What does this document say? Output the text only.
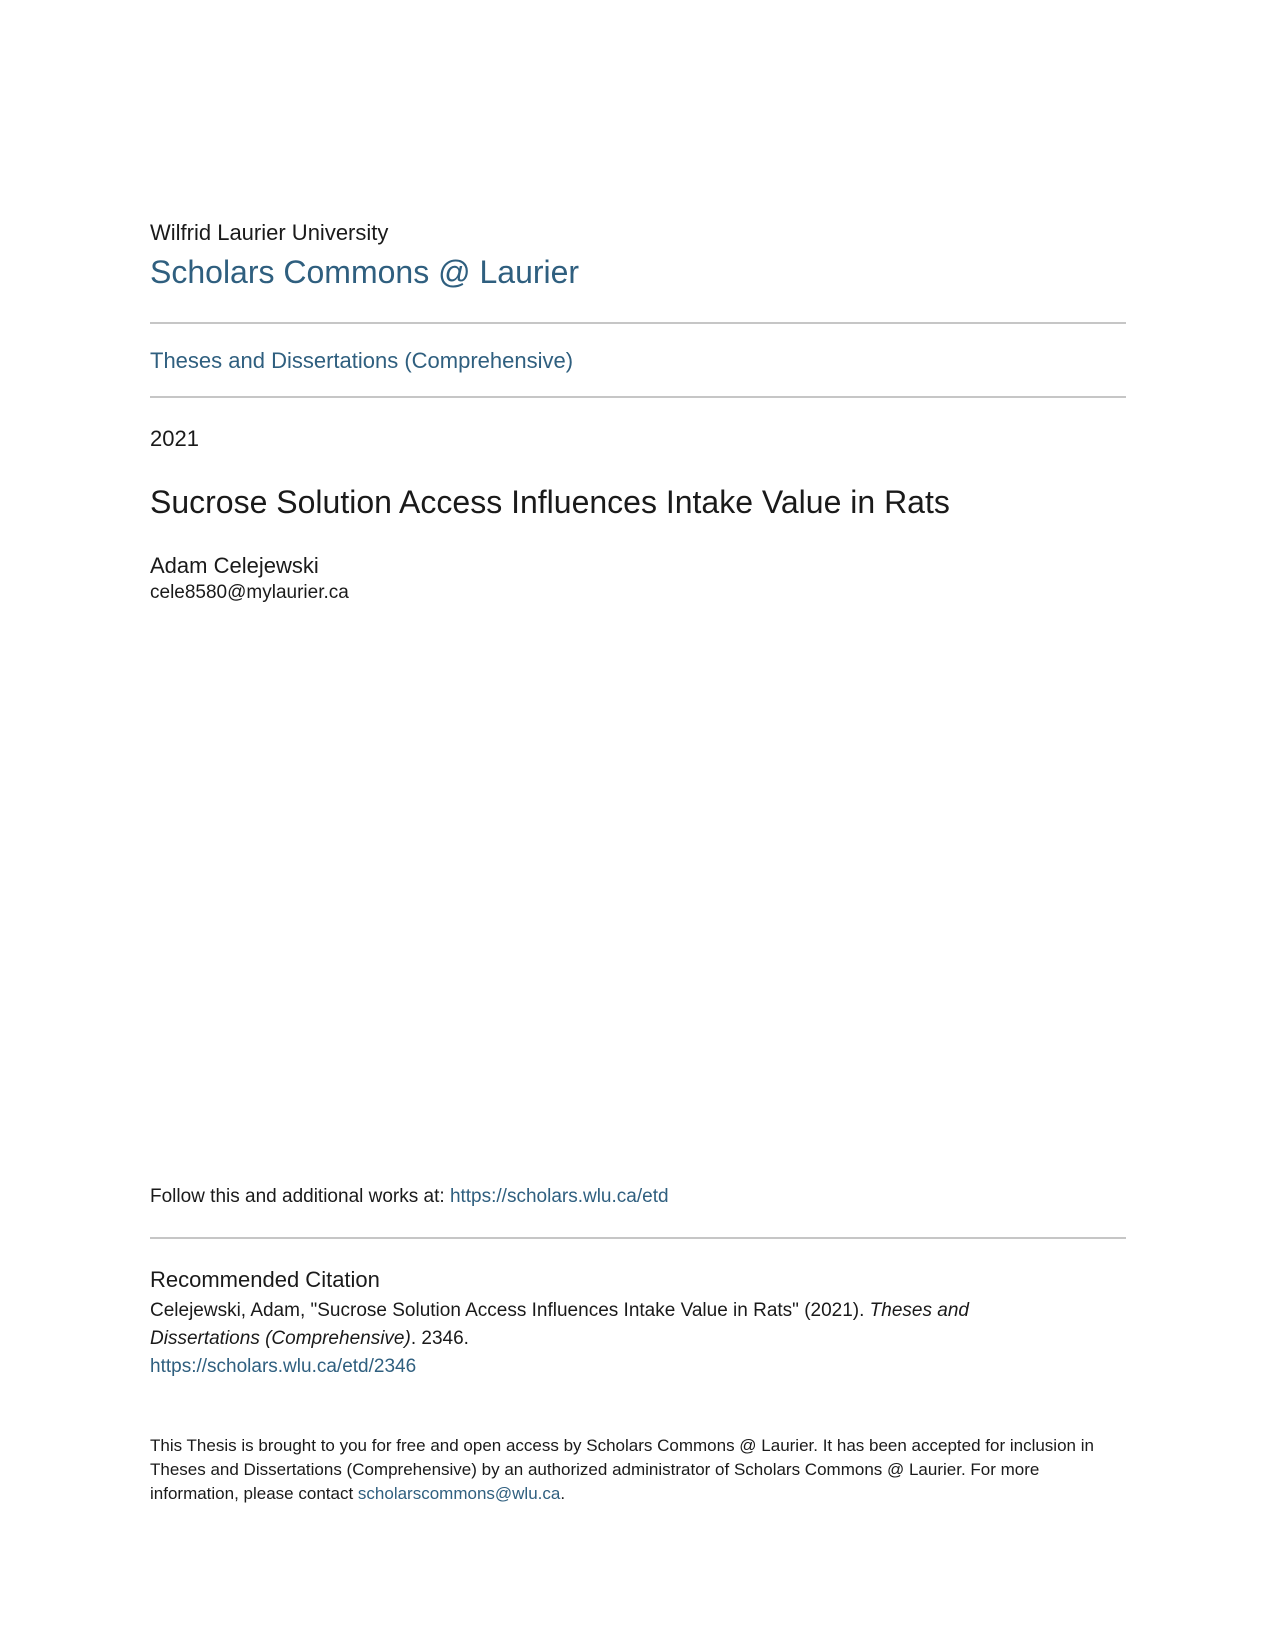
Wilfrid Laurier University
Scholars Commons @ Laurier
Theses and Dissertations (Comprehensive)
2021
Sucrose Solution Access Influences Intake Value in Rats
Adam Celejewski
cele8580@mylaurier.ca
Follow this and additional works at: https://scholars.wlu.ca/etd
Recommended Citation
Celejewski, Adam, "Sucrose Solution Access Influences Intake Value in Rats" (2021). Theses and Dissertations (Comprehensive). 2346.
https://scholars.wlu.ca/etd/2346
This Thesis is brought to you for free and open access by Scholars Commons @ Laurier. It has been accepted for inclusion in Theses and Dissertations (Comprehensive) by an authorized administrator of Scholars Commons @ Laurier. For more information, please contact scholarscommons@wlu.ca.
